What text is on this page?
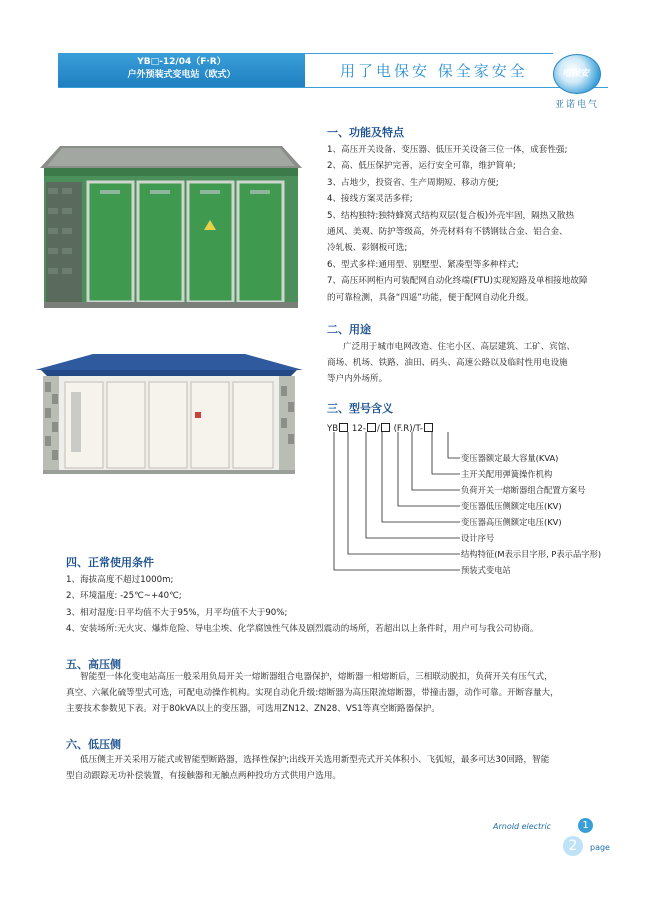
YB□-12/04（F·R）
户外预装式变电站（欧式）	用了电保安 保全家安全	电保安
亚诺电气
一、功能及特点
1、高压开关设备、变压器、低压开关设备三位一体，成套性强;
2、高、低压保护完善，运行安全可靠，维护简单;
3、占地少，投资省、生产周期短、移动方便;
4、接线方案灵活多样;
5、结构独特:独特蜂窝式结构双层(复合板)外壳牢固，隔热又散热
通风、美观、防护等级高，外壳材料有不锈钢钛合金、铝合金、
冷轧板、彩钢板可选;
6、型式多样:通用型、别墅型、紧凑型等多种样式;
7、高压环网柜内可装配网自动化终端(FTU)实现短路及单相接地故障
的可靠检测，具备“四遥”功能，便于配网自动化升级。
二、用途
广泛用于城市电网改造、住宅小区、高层建筑、工矿、宾馆、
商场、机场、铁路、油田、码头、高速公路以及临时性用电设施
等户内外场所。
三、型号含义
YB 12- / (F.R)/T-
变压器额定最大容量(KVA)
主开关配用弹簧操作机构
负荷开关一熔断器组合配置方案号
变压器低压侧额定电压(KV)
变压器高压侧额定电压(KV)
设计序号
结构特征(M表示目字形, P表示品字形)
预装式变电站
四、正常使用条件
1、海拔高度不超过1000m;
2、环境温度: -25℃~+40℃;
3、相对湿度:日平均值不大于95%，月平均值不大于90%;
4、安装场所:无火灾、爆炸危险、导电尘埃、化学腐蚀性气体及剧烈震动的场所，若超出以上条件时，用户可与我公司协商。
五、高压侧
智能型一体化变电站高压一般采用负局开关一熔断器组合电器保护，熔断器一相熔断后，三相联动脱扣，负荷开关有压气式，
真空、六氟化硫等型式可选，可配电动操作机构。实现自动化升级:熔断器为高压限流熔断器，带撞击器，动作可靠。开断容量大，
主要技术参数见下表。对于80kVA以上的变压器，可选用ZN12、ZN28、VS1等真空断路器保护。
六、低压侧
低压侧主开关采用万能式或智能型断路器，选择性保护;出线开关选用新型壳式开关体积小、飞弧短，最多可达30回路，智能
型自动跟踪无功补偿装置，有接触器和无触点两种投功方式供用户选用。
Arnold electric	1
2	page
